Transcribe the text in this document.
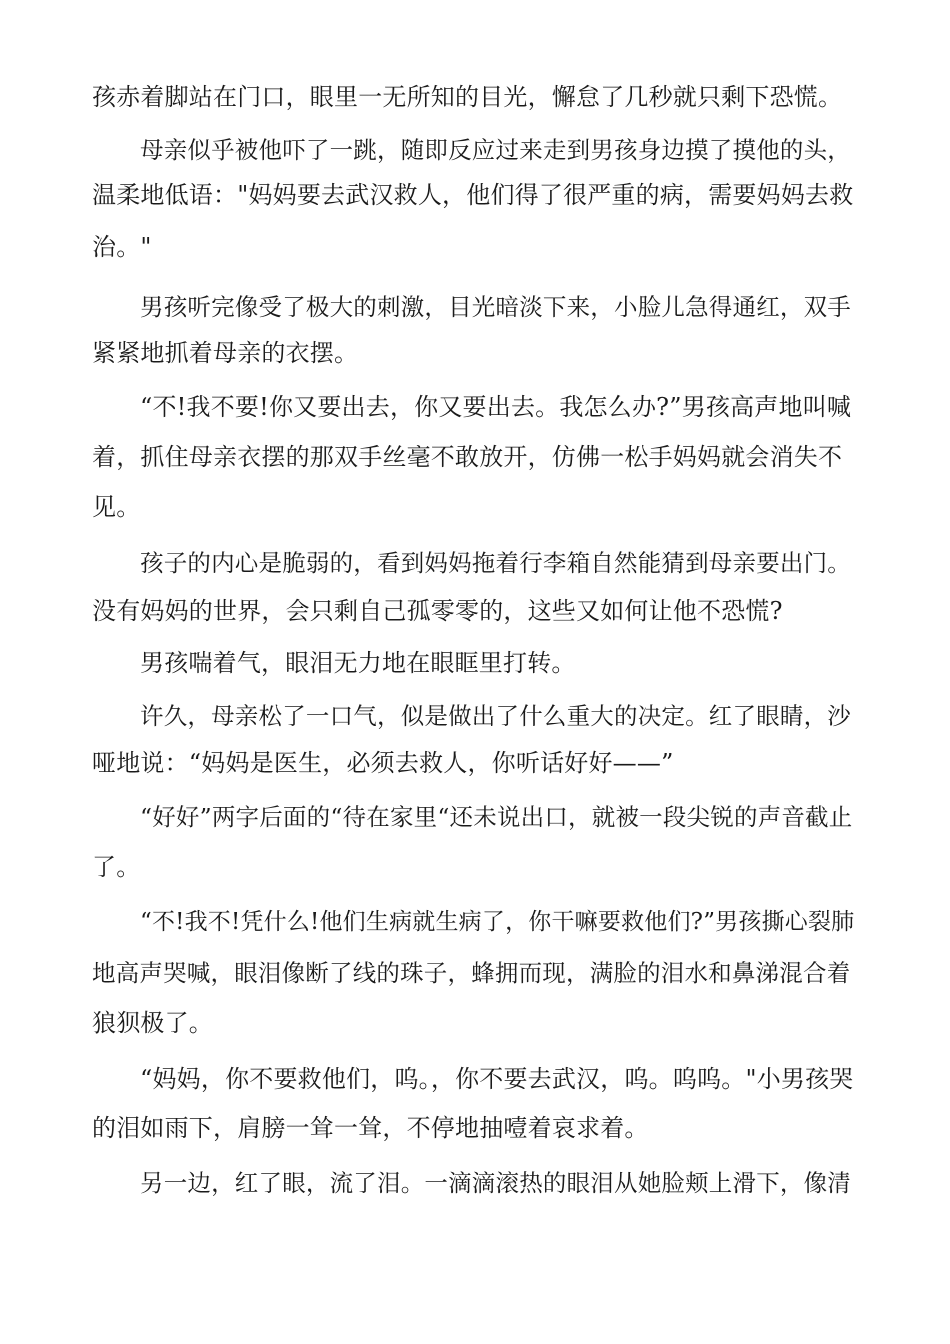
孩赤着脚站在门口，眼里一无所知的目光，懈怠了几秒就只剩下恐慌。
母亲似乎被他吓了一跳，随即反应过来走到男孩身边摸了摸他的头，
温柔地低语："妈妈要去武汉救人，他们得了很严重的病，需要妈妈去救
治。"
男孩听完像受了极大的刺激，目光暗淡下来，小脸儿急得通红，双手
紧紧地抓着母亲的衣摆。
“不!我不要!你又要出去，你又要出去。我怎么办?”男孩高声地叫喊
着，抓住母亲衣摆的那双手丝毫不敢放开，仿佛一松手妈妈就会消失不
见。
孩子的内心是脆弱的，看到妈妈拖着行李箱自然能猜到母亲要出门。
没有妈妈的世界，会只剩自己孤零零的，这些又如何让他不恐慌?
男孩喘着气，眼泪无力地在眼眶里打转。
许久，母亲松了一口气，似是做出了什么重大的决定。红了眼睛，沙
哑地说：“妈妈是医生，必须去救人，你听话好好——”
“好好”两字后面的“待在家里“还未说出口，就被一段尖锐的声音截止
了。
“不!我不!凭什么!他们生病就生病了，你干嘛要救他们?”男孩撕心裂肺
地高声哭喊，眼泪像断了线的珠子，蜂拥而现，满脸的泪水和鼻涕混合着
狼狈极了。
“妈妈，你不要救他们，呜。，你不要去武汉，呜。呜呜。"小男孩哭
的泪如雨下，肩膀一耸一耸，不停地抽噎着哀求着。
另一边，红了眼，流了泪。一滴滴滚热的眼泪从她脸颊上滑下，像清
